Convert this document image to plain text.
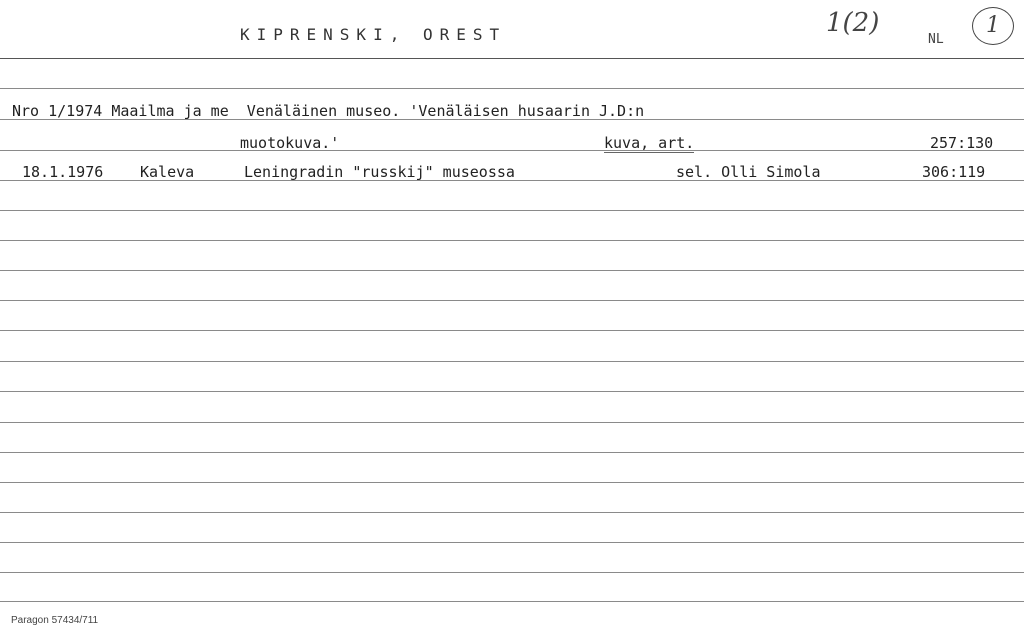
KIPRENSKI, OREST	1(2)
NL
1
Nro 1/1974 Maailma ja me  Venäläinen museo. 'Venäläisen husaarin J.D:n
muotokuva.'	kuva, art.	257:130
18.1.1976 Kaleva	Leningradin "russkij" museossa	sel. Olli Simola	306:119
Paragon 57434/711
